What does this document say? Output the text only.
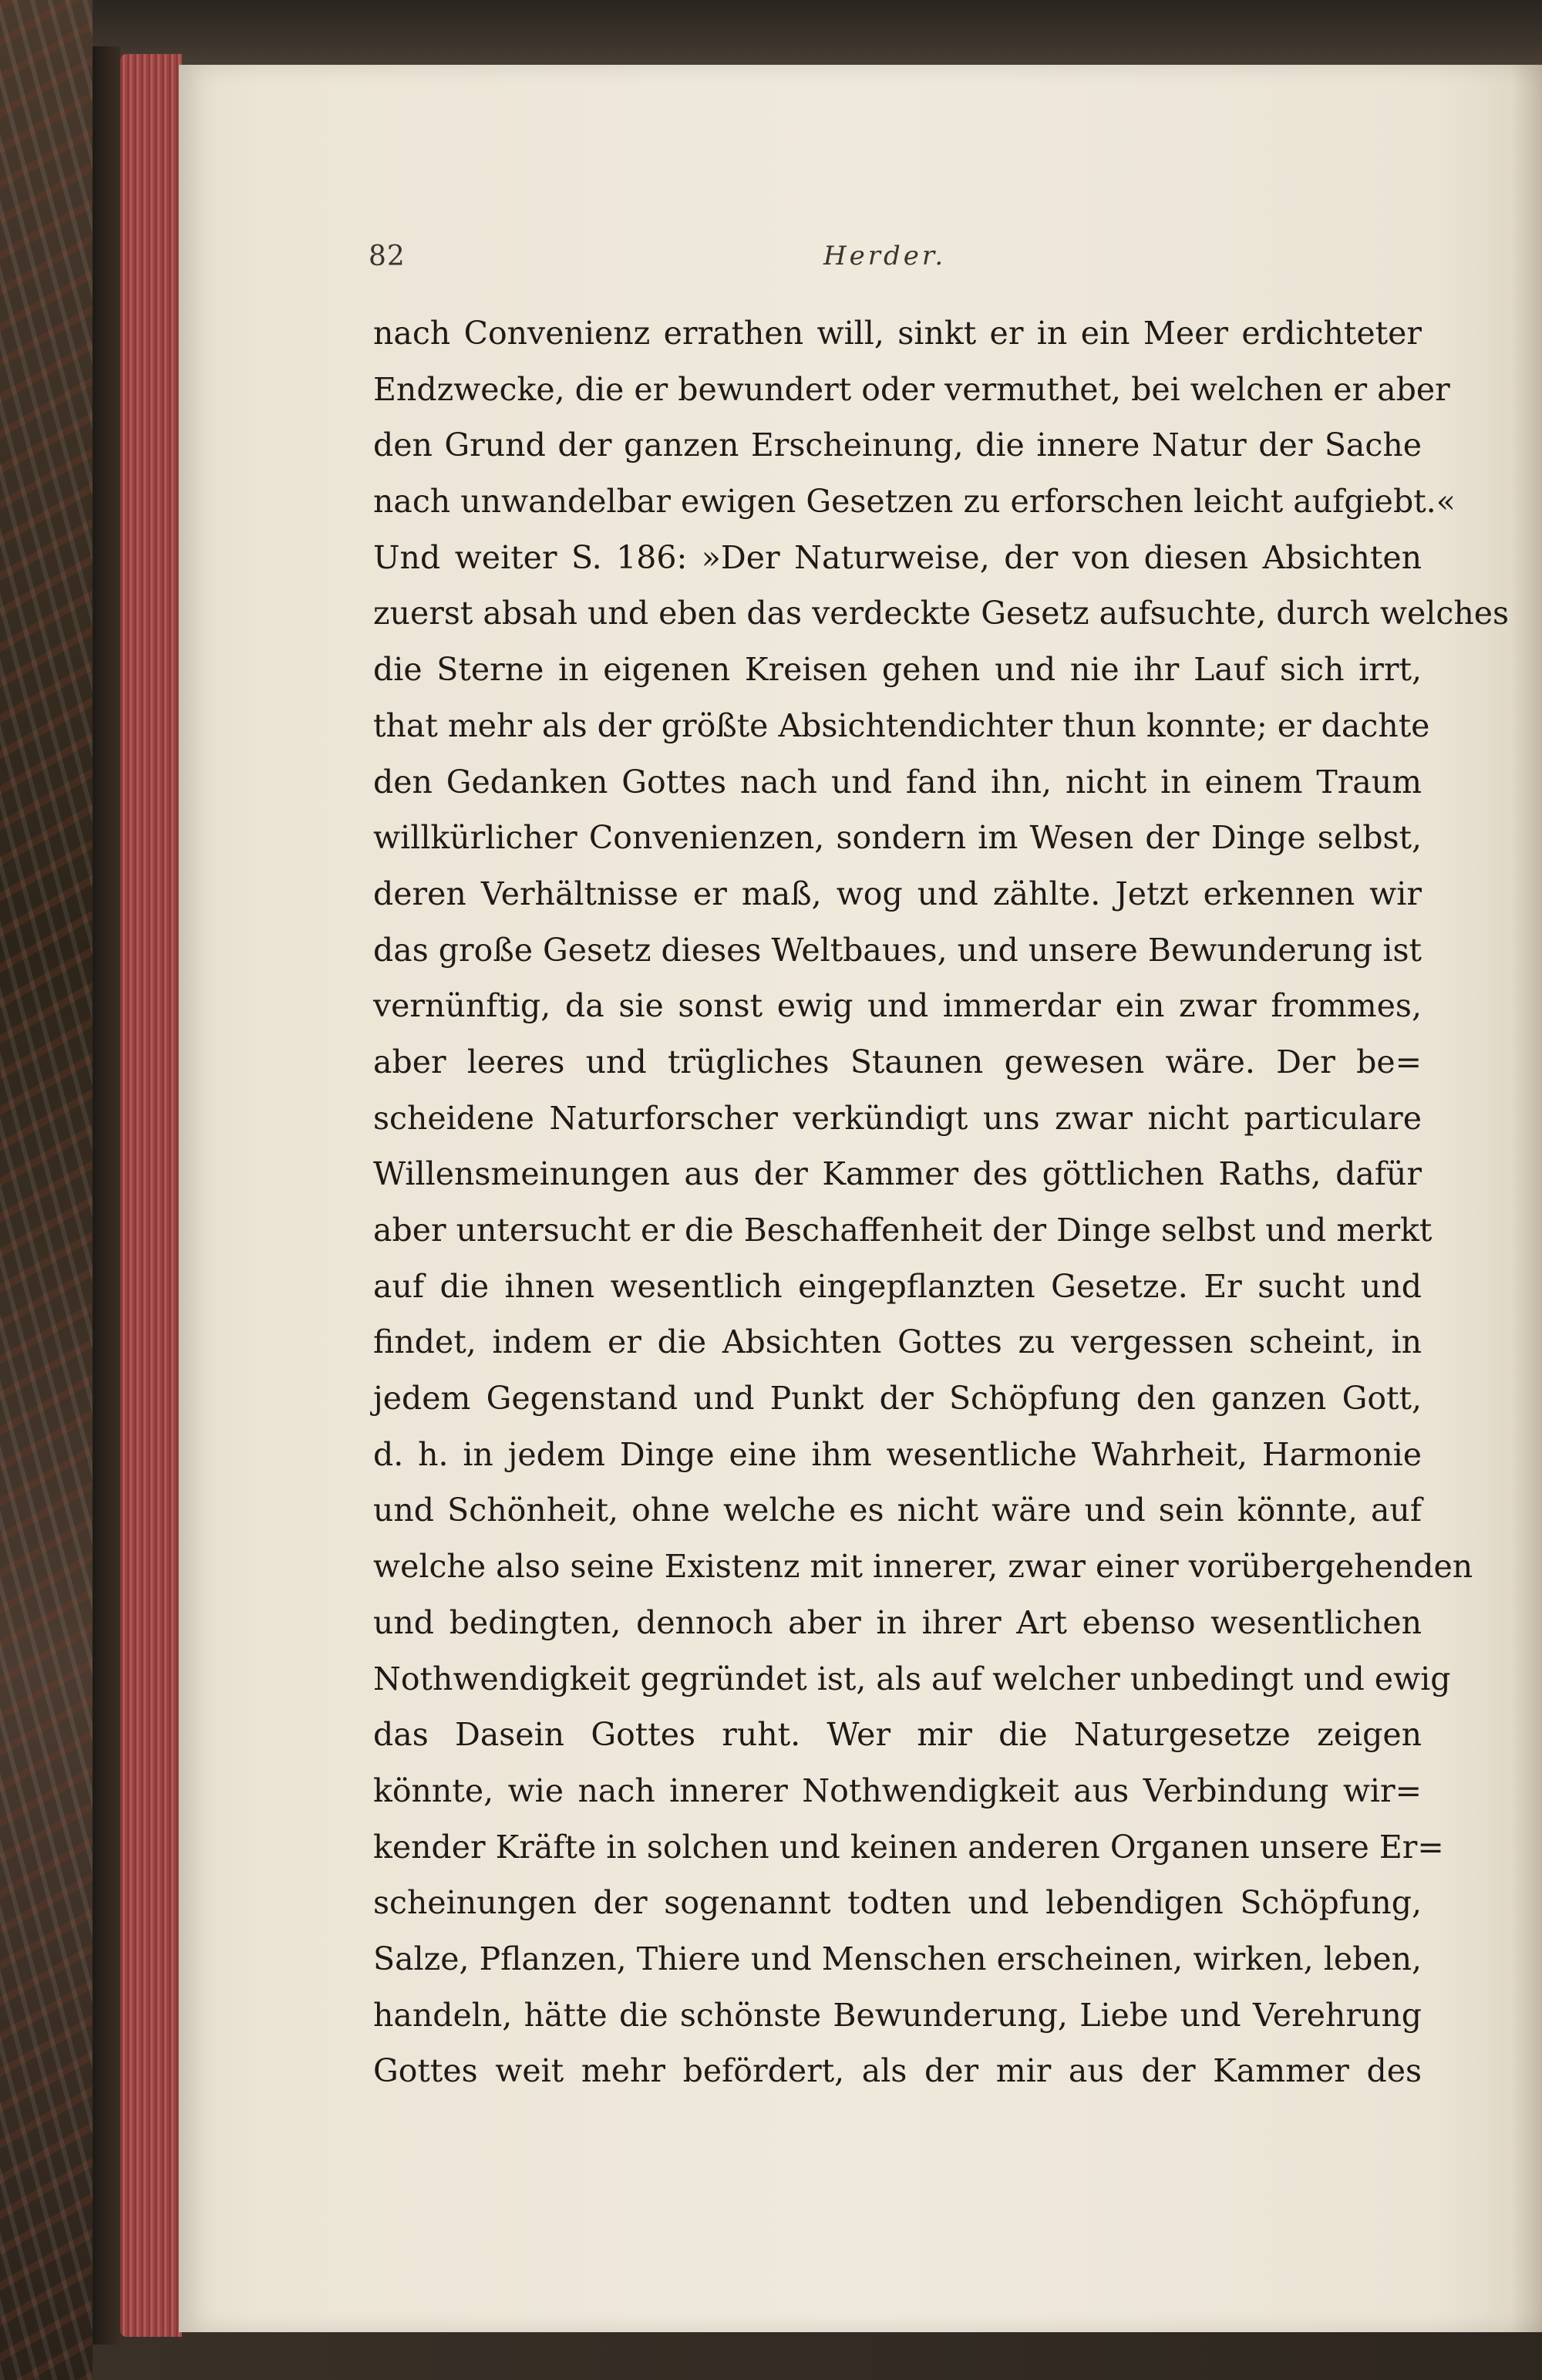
82	Herder.
nach Convenienz errathen will, sinkt er in ein Meer erdichteter
Endzwecke, die er bewundert oder vermuthet, bei welchen er aber
den Grund der ganzen Erscheinung, die innere Natur der Sache
nach unwandelbar ewigen Gesetzen zu erforschen leicht aufgiebt.«
Und weiter S. 186: »Der Naturweise, der von diesen Absichten
zuerst absah und eben das verdeckte Gesetz aufsuchte, durch welches
die Sterne in eigenen Kreisen gehen und nie ihr Lauf sich irrt,
that mehr als der größte Absichtendichter thun konnte; er dachte
den Gedanken Gottes nach und fand ihn, nicht in einem Traum
willkürlicher Convenienzen, sondern im Wesen der Dinge selbst,
deren Verhältnisse er maß, wog und zählte. Jetzt erkennen wir
das große Gesetz dieses Weltbaues, und unsere Bewunderung ist
vernünftig, da sie sonst ewig und immerdar ein zwar frommes,
aber leeres und trügliches Staunen gewesen wäre. Der be=
scheidene Naturforscher verkündigt uns zwar nicht particulare
Willensmeinungen aus der Kammer des göttlichen Raths, dafür
aber untersucht er die Beschaffenheit der Dinge selbst und merkt
auf die ihnen wesentlich eingepflanzten Gesetze. Er sucht und
findet, indem er die Absichten Gottes zu vergessen scheint, in
jedem Gegenstand und Punkt der Schöpfung den ganzen Gott,
d. h. in jedem Dinge eine ihm wesentliche Wahrheit, Harmonie
und Schönheit, ohne welche es nicht wäre und sein könnte, auf
welche also seine Existenz mit innerer, zwar einer vorübergehenden
und bedingten, dennoch aber in ihrer Art ebenso wesentlichen
Nothwendigkeit gegründet ist, als auf welcher unbedingt und ewig
das Dasein Gottes ruht. Wer mir die Naturgesetze zeigen
könnte, wie nach innerer Nothwendigkeit aus Verbindung wir=
kender Kräfte in solchen und keinen anderen Organen unsere Er=
scheinungen der sogenannt todten und lebendigen Schöpfung,
Salze, Pflanzen, Thiere und Menschen erscheinen, wirken, leben,
handeln, hätte die schönste Bewunderung, Liebe und Verehrung
Gottes weit mehr befördert, als der mir aus der Kammer des
